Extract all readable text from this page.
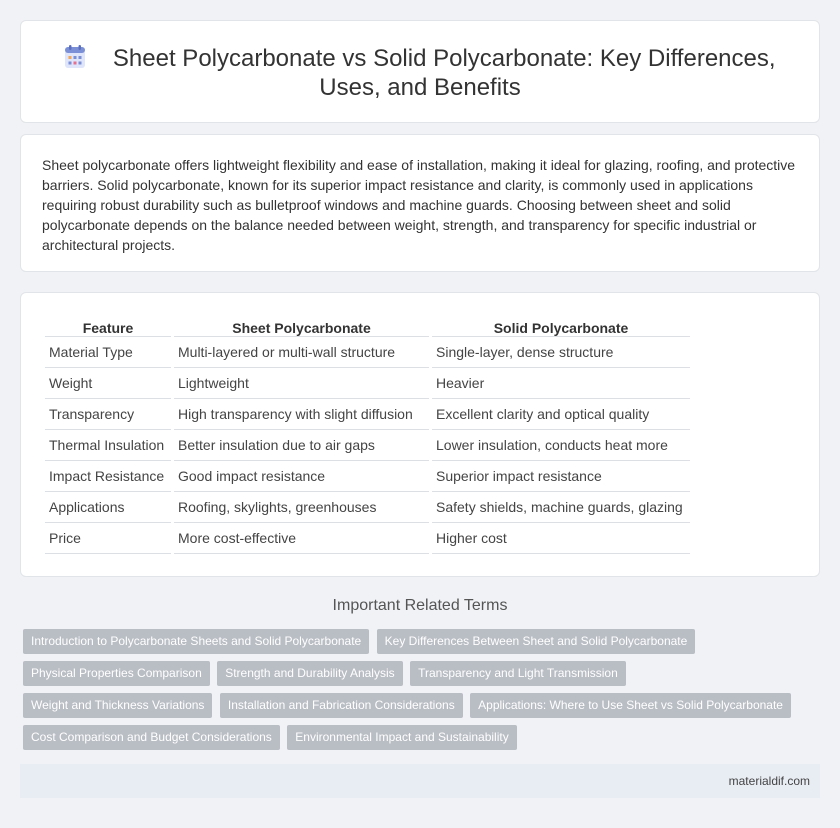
Sheet Polycarbonate vs Solid Polycarbonate: Key Differences, Uses, and Benefits

Sheet polycarbonate offers lightweight flexibility and ease of installation, making it ideal for glazing, roofing, and protective barriers. Solid polycarbonate, known for its superior impact resistance and clarity, is commonly used in applications requiring robust durability such as bulletproof windows and machine guards. Choosing between sheet and solid polycarbonate depends on the balance needed between weight, strength, and transparency for specific industrial or architectural projects.

Feature	Sheet Polycarbonate	Solid Polycarbonate
Material Type	Multi-layered or multi-wall structure	Single-layer, dense structure
Weight	Lightweight	Heavier
Transparency	High transparency with slight diffusion	Excellent clarity and optical quality
Thermal Insulation	Better insulation due to air gaps	Lower insulation, conducts heat more
Impact Resistance	Good impact resistance	Superior impact resistance
Applications	Roofing, skylights, greenhouses	Safety shields, machine guards, glazing
Price	More cost-effective	Higher cost
Important Related Terms
Introduction to Polycarbonate Sheets and Solid Polycarbonate Key Differences Between Sheet and Solid Polycarbonate Physical Properties Comparison Strength and Durability Analysis Transparency and Light Transmission Weight and Thickness Variations Installation and Fabrication Considerations Applications: Where to Use Sheet vs Solid Polycarbonate Cost Comparison and Budget Considerations Environmental Impact and Sustainability
materialdif.com
